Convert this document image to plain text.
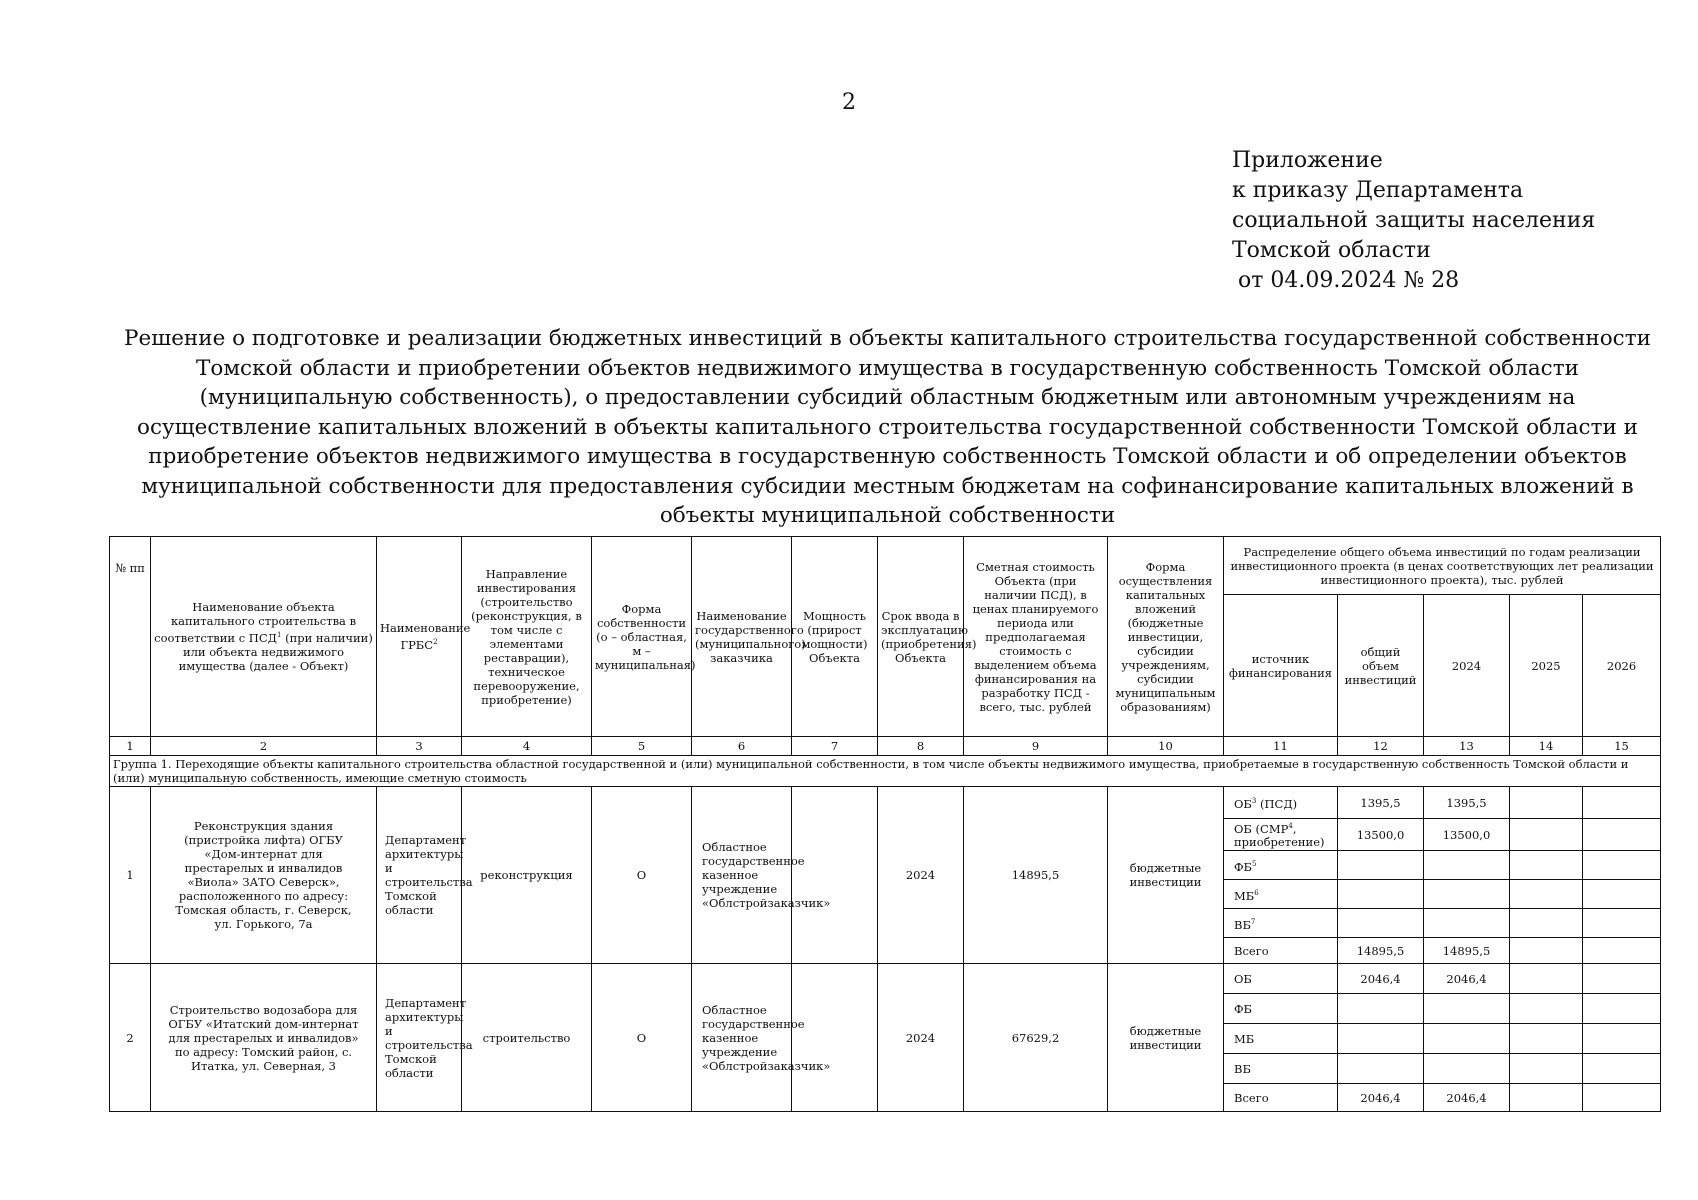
2
Приложение
к приказу Департамента
социальной защиты населения
Томской области
от 04.09.2024 № 28
Решение о подготовке и реализации бюджетных инвестиций в объекты капитального строительства государственной собственности Томской области и приобретении объектов недвижимого имущества в государственную собственность Томской области (муниципальную собственность), о предоставлении субсидий областным бюджетным или автономным учреждениям на осуществление капитальных вложений в объекты капитального строительства государственной собственности Томской области и приобретение объектов недвижимого имущества в государственную собственность Томской области и об определении объектов муниципальной собственности для предоставления субсидии местным бюджетам на софинансирование капитальных вложений в объекты муниципальной собственности
№ пп	Наименование объекта капитального строительства в соответствии с ПСД$^1$ (при наличии) или объекта недвижимого имущества (далее - Объект)	Наименование ГРБС$^2$	Направление инвестирования (строительство (реконструкция, в том числе с элементами реставрации), техническое перевооружение, приобретение)	Форма собственности (о – областная, м – муниципальная)	Наименование государственного (муниципального) заказчика	Мощность (прирост мощности) Объекта	Срок ввода в эксплуатацию (приобретения) Объекта	Сметная стоимость Объекта (при наличии ПСД), в ценах планируемого периода или предполагаемая стоимость с выделением объема финансирования на разработку ПСД - всего, тыс. рублей	Форма осуществления капитальных вложений (бюджетные инвестиции, субсидии учреждениям, субсидии муниципальным образованиям)	Распределение общего объема инвестиций по годам реализации инвестиционного проекта (в ценах соответствующих лет реализации инвестиционного проекта), тыс. рублей				
										источник финансирования	общий объем инвестиций	2024	2025	2026
1	2	3	4	5	6	7	8	9	10	11	12	13	14	15
Группа 1. Переходящие объекты капитального строительства областной государственной и (или) муниципальной собственности, в том числе объекты недвижимого имущества, приобретаемые в государственную собственность Томской области и (или) муниципальную собственность, имеющие сметную стоимость														
1	Реконструкция здания (пристройка лифта) ОГБУ «Дом-интернат для престарелых и инвалидов «Виола» ЗАТО Северск», расположенного по адресу: Томская область, г. Северск, ул. Горького, 7а	Департамент архитектуры и строительства Томской области	реконструкция	О	Областное государственное казенное учреждение «Облстройзаказчик»		2024	14895,5	бюджетные инвестиции	$ОБ^3$ (ПСД)	1395,5	1395,5		
										ОБ (СМР$^4$, приобретение)	13500,0	13500,0		
										$ФБ^5$				
										$МБ^6$				
										$ВБ^7$				
										Всего	14895,5	14895,5		
2	Строительство водозабора для ОГБУ «Итатский дом-интернат для престарелых и инвалидов» по адресу: Томский район, с. Итатка, ул. Северная, 3	Департамент архитектуры и строительства Томской области	строительство	О	Областное государственное казенное учреждение «Облстройзаказчик»		2024	67629,2	бюджетные инвестиции	ОБ	2046,4	2046,4		
										ФБ				
										МБ				
										ВБ				
										Всего	2046,4	2046,4		
